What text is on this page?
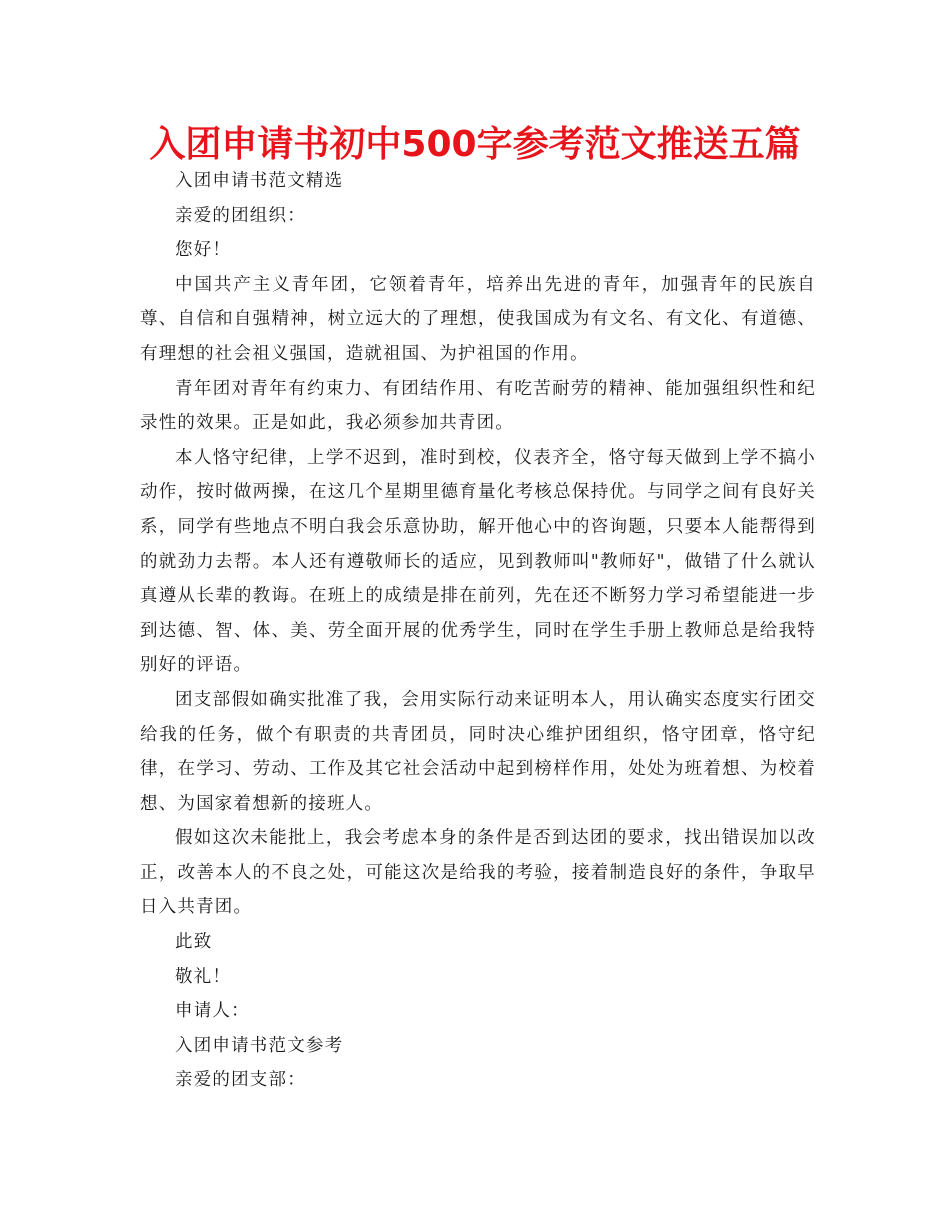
入团申请书初中500字参考范文推送五篇

入团申请书范文精选

亲爱的团组织：

您好！

中国共产主义青年团，它领着青年，培养出先进的青年，加强青年的民族自尊、自信和自强精神，树立远大的了理想，使我国成为有文名、有文化、有道德、有理想的社会祖义强国，造就祖国、为护祖国的作用。

青年团对青年有约束力、有团结作用、有吃苦耐劳的精神、能加强组织性和纪录性的效果。正是如此，我必须参加共青团。

本人恪守纪律，上学不迟到，准时到校，仪表齐全，恪守每天做到上学不搞小动作，按时做两操，在这几个星期里德育量化考核总保持优。与同学之间有良好关系，同学有些地点不明白我会乐意协助，解开他心中的咨询题，只要本人能帮得到的就劲力去帮。本人还有遵敬师长的适应，见到教师叫"教师好"，做错了什么就认真遵从长辈的教诲。在班上的成绩是排在前列，先在还不断努力学习希望能进一步到达德、智、体、美、劳全面开展的优秀学生，同时在学生手册上教师总是给我特别好的评语。

团支部假如确实批准了我，会用实际行动来证明本人，用认确实态度实行团交给我的任务，做个有职责的共青团员，同时决心维护团组织，恪守团章，恪守纪律，在学习、劳动、工作及其它社会活动中起到榜样作用，处处为班着想、为校着想、为国家着想新的接班人。

假如这次未能批上，我会考虑本身的条件是否到达团的要求，找出错误加以改正，改善本人的不良之处，可能这次是给我的考验，接着制造良好的条件，争取早日入共青团。

此致

敬礼！

申请人：

入团申请书范文参考

亲爱的团支部：
